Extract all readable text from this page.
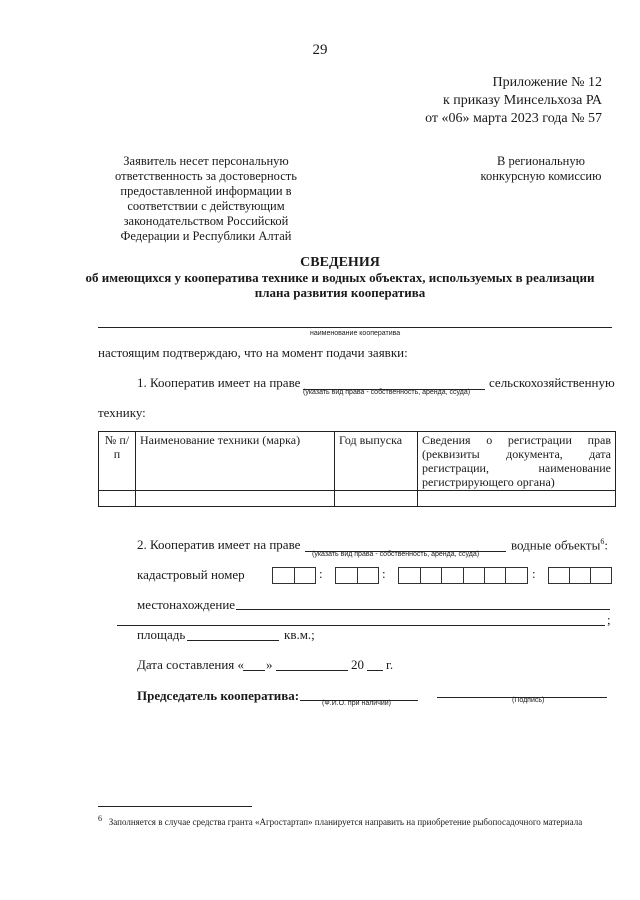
29
Приложение № 12
к приказу Минсельхоза РА
от «06» марта 2023 года № 57
Заявитель несет персональную
ответственность за достоверность
предоставленной информации в
соответствии с действующим
законодательством Российской
Федерации и Республики Алтай
В региональную
конкурсную комиссию
СВЕДЕНИЯ
об имеющихся у кооператива технике и водных объектах, используемых в реализации
плана развития кооператива
наименование кооператива
настоящим подтверждаю, что на момент подачи заявки:
1. Кооператив имеет на праве
(указать вид права - собственность, аренда, ссуда)
сельскохозяйственную
технику:
№ п/п	Наименование техники (марка)	Год выпуска	Сведения о регистрации прав (реквизиты документа, дата регистрации, наименование регистрирующего органа)

2. Кооператив имеет на праве
(указать вид права - собственность, аренда, ссуда)
водные объекты$^6$:
кадастровый номер	:	:	:
местонахождение
;
площадь	кв.м.;
Дата составления « »	20 г.
Председатель кооператива:
(Ф.И.О. при наличии)	(Подпись)
$^6$ Заполняется в случае средства гранта «Агростартап» планируется направить на приобретение рыбопосадочного материала
